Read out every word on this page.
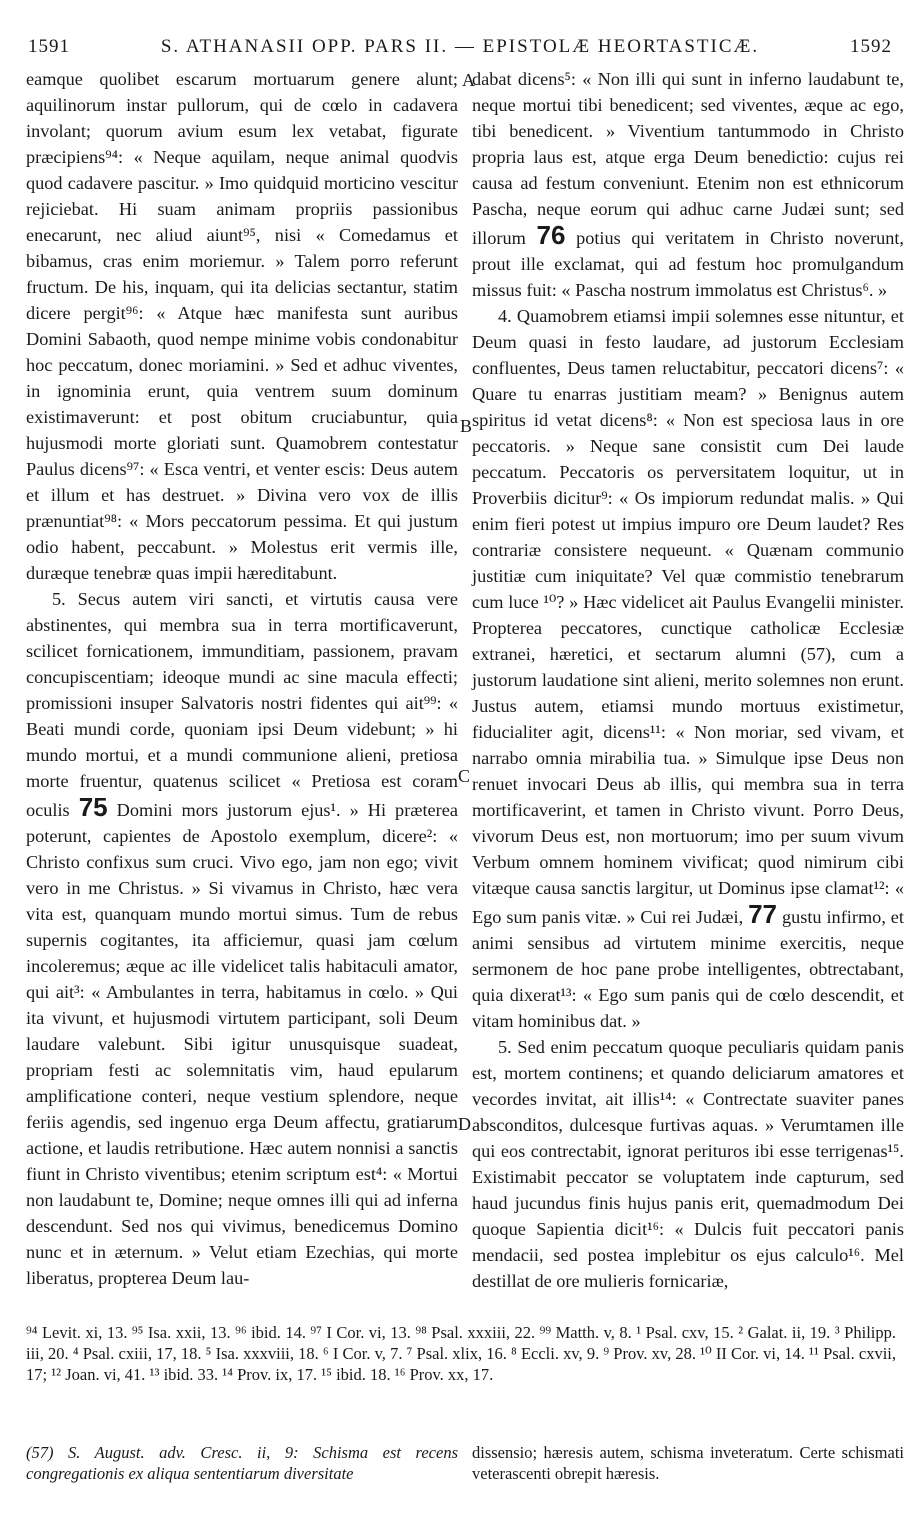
1591	S. ATHANASII OPP. PARS II. — EPISTOLÆ HEORTASTICÆ.	1592
A
B
C
D

eamque quolibet escarum mortuarum genere alunt; aquilinorum instar pullorum, qui de cœlo in cadavera involant; quorum avium esum lex vetabat, figurate præcipiens⁹⁴: « Neque aquilam, neque animal quodvis quod cadavere pascitur. » Imo quidquid morticino vescitur rejiciebat. Hi suam animam propriis passionibus enecarunt, nec aliud aiunt⁹⁵, nisi « Comedamus et bibamus, cras enim moriemur. » Talem porro referunt fructum. De his, inquam, qui ita delicias sectantur, statim dicere pergit⁹⁶: « Atque hæc manifesta sunt auribus Domini Sabaoth, quod nempe minime vobis condonabitur hoc peccatum, donec moriamini. » Sed et adhuc viventes, in ignominia erunt, quia ventrem suum dominum existimaverunt: et post obitum cruciabuntur, quia hujusmodi morte gloriati sunt. Quamobrem contestatur Paulus dicens⁹⁷: « Esca ventri, et venter escis: Deus autem et illum et has destruet. » Divina vero vox de illis prænuntiat⁹⁸: « Mors peccatorum pessima. Et qui justum odio habent, peccabunt. » Molestus erit vermis ille, duræque tenebræ quas impii hæreditabunt.

5. Secus autem viri sancti, et virtutis causa vere abstinentes, qui membra sua in terra mortificaverunt, scilicet fornicationem, immunditiam, passionem, pravam concupiscentiam; ideoque mundi ac sine macula effecti; promissioni insuper Salvatoris nostri fidentes qui ait⁹⁹: « Beati mundi corde, quoniam ipsi Deum videbunt; » hi mundo mortui, et a mundi communione alieni, pretiosa morte fruentur, quatenus scilicet « Pretiosa est coram oculis 75 Domini mors justorum ejus¹. » Hi præterea poterunt, capientes de Apostolo exemplum, dicere²: « Christo confixus sum cruci. Vivo ego, jam non ego; vivit vero in me Christus. » Si vivamus in Christo, hæc vera vita est, quanquam mundo mortui simus. Tum de rebus supernis cogitantes, ita afficiemur, quasi jam cœlum incoleremus; æque ac ille videlicet talis habitaculi amator, qui ait³: « Ambulantes in terra, habitamus in cœlo. » Qui ita vivunt, et hujusmodi virtutem participant, soli Deum laudare valebunt. Sibi igitur unusquisque suadeat, propriam festi ac solemnitatis vim, haud epularum amplificatione conteri, neque vestium splendore, neque feriis agendis, sed ingenuo erga Deum affectu, gratiarum actione, et laudis retributione. Hæc autem nonnisi a sanctis fiunt in Christo viventibus; etenim scriptum est⁴: « Mortui non laudabunt te, Domine; neque omnes illi qui ad inferna descendunt. Sed nos qui vivimus, benedicemus Domino nunc et in æternum. » Velut etiam Ezechias, qui morte liberatus, propterea Deum lau-

dabat dicens⁵: « Non illi qui sunt in inferno laudabunt te, neque mortui tibi benedicent; sed viventes, æque ac ego, tibi benedicent. » Viventium tantummodo in Christo propria laus est, atque erga Deum benedictio: cujus rei causa ad festum conveniunt. Etenim non est ethnicorum Pascha, neque eorum qui adhuc carne Judæi sunt; sed illorum 76 potius qui veritatem in Christo noverunt, prout ille exclamat, qui ad festum hoc promulgandum missus fuit: « Pascha nostrum immolatus est Christus⁶. »

4. Quamobrem etiamsi impii solemnes esse nituntur, et Deum quasi in festo laudare, ad justorum Ecclesiam confluentes, Deus tamen reluctabitur, peccatori dicens⁷: « Quare tu enarras justitiam meam? » Benignus autem spiritus id vetat dicens⁸: « Non est speciosa laus in ore peccatoris. » Neque sane consistit cum Dei laude peccatum. Peccatoris os perversitatem loquitur, ut in Proverbiis dicitur⁹: « Os impiorum redundat malis. » Qui enim fieri potest ut impius impuro ore Deum laudet? Res contrariæ consistere nequeunt. « Quænam communio justitiæ cum iniquitate? Vel quæ commistio tenebrarum cum luce ¹⁰? » Hæc videlicet ait Paulus Evangelii minister. Propterea peccatores, cunctique catholicæ Ecclesiæ extranei, hæretici, et sectarum alumni (57), cum a justorum laudatione sint alieni, merito solemnes non erunt. Justus autem, etiamsi mundo mortuus existimetur, fiducialiter agit, dicens¹¹: « Non moriar, sed vivam, et narrabo omnia mirabilia tua. » Simulque ipse Deus non renuet invocari Deus ab illis, qui membra sua in terra mortificaverint, et tamen in Christo vivunt. Porro Deus, vivorum Deus est, non mortuorum; imo per suum vivum Verbum omnem hominem vivificat; quod nimirum cibi vitæque causa sanctis largitur, ut Dominus ipse clamat¹²: « Ego sum panis vitæ. » Cui rei Judæi, 77 gustu infirmo, et animi sensibus ad virtutem minime exercitis, neque sermonem de hoc pane probe intelligentes, obtrectabant, quia dixerat¹³: « Ego sum panis qui de cœlo descendit, et vitam hominibus dat. »

5. Sed enim peccatum quoque peculiaris quidam panis est, mortem continens; et quando deliciarum amatores et vecordes invitat, ait illis¹⁴: « Contrectate suaviter panes absconditos, dulcesque furtivas aquas. » Verumtamen ille qui eos contrectabit, ignorat perituros ibi esse terrigenas¹⁵. Existimabit peccator se voluptatem inde capturum, sed haud jucundus finis hujus panis erit, quemadmodum Dei quoque Sapientia dicit¹⁶: « Dulcis fuit peccatori panis mendacii, sed postea implebitur os ejus calculo¹⁶. Mel destillat de ore mulieris fornicariæ,

⁹⁴ Levit. xi, 13. ⁹⁵ Isa. xxii, 13. ⁹⁶ ibid. 14. ⁹⁷ I Cor. vi, 13. ⁹⁸ Psal. xxxiii, 22. ⁹⁹ Matth. v, 8. ¹ Psal. cxv, 15. ² Galat. ii, 19. ³ Philipp. iii, 20. ⁴ Psal. cxiii, 17, 18. ⁵ Isa. xxxviii, 18. ⁶ I Cor. v, 7. ⁷ Psal. xlix, 16. ⁸ Eccli. xv, 9. ⁹ Prov. xv, 28. ¹⁰ II Cor. vi, 14. ¹¹ Psal. cxvii, 17; ¹² Joan. vi, 41. ¹³ ibid. 33. ¹⁴ Prov. ix, 17. ¹⁵ ibid. 18. ¹⁶ Prov. xx, 17.

(57) S. August. adv. Cresc. ii, 9: Schisma est recens congregationis ex aliqua sententiarum diversitate
dissensio; hæresis autem, schisma inveteratum. Certe schismati veterascenti obrepit hæresis.
